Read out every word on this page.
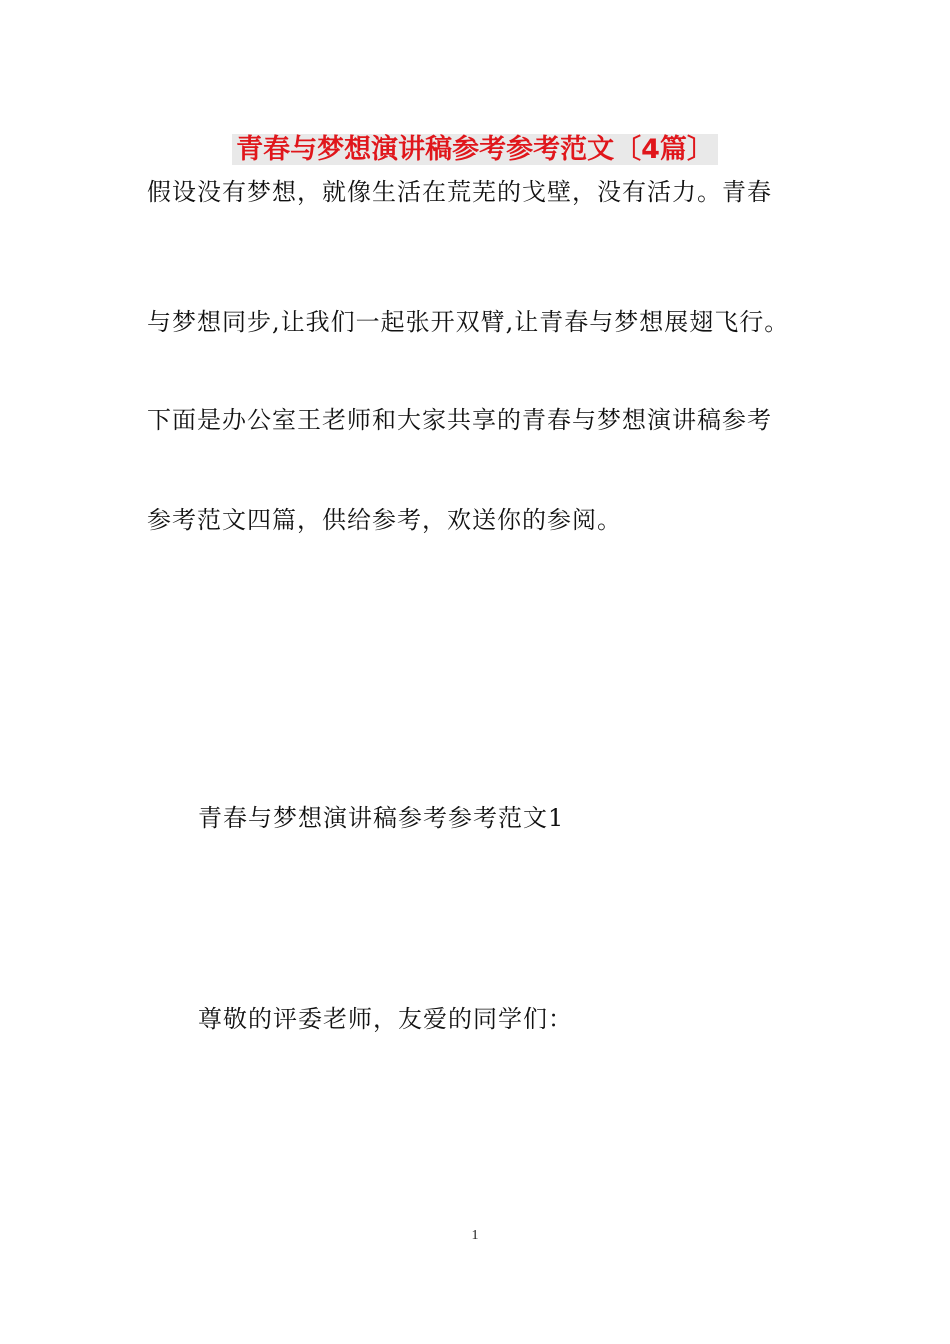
青春与梦想演讲稿参考参考范文〔4篇〕
假设没有梦想，就像生活在荒芜的戈壁，没有活力。青春
与梦想同步,让我们一起张开双臂,让青春与梦想展翅飞行。
下面是办公室王老师和大家共享的青春与梦想演讲稿参考
参考范文四篇，供给参考，欢送你的参阅。
青春与梦想演讲稿参考参考范文1
尊敬的评委老师，友爱的同学们：
1
